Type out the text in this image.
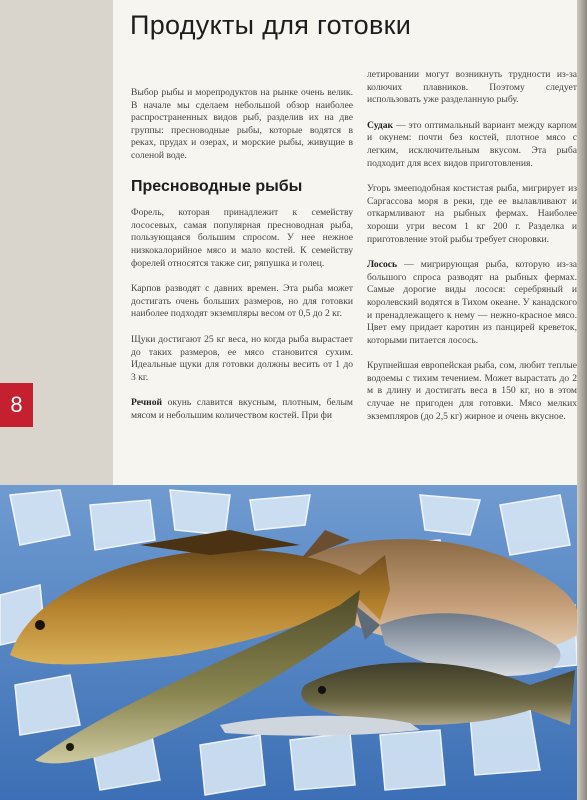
8
Продукты для готовки

Выбор рыбы и морепродуктов на рынке очень велик. В начале мы сделаем небольшой обзор наиболее распространенных видов рыб, разделив их на две группы: пресноводные рыбы, которые водятся в реках, прудах и озерах, и морские рыбы, живущие в соленой воде.

Пресноводные рыбы

Форель, которая принадлежит к семейству лососевых, самая популярная пресноводная рыба, пользующаяся большим спросом. У нее нежное низкокалорийное мясо и мало костей. К семейству форелей относятся также сиг, ряпушка и голец.

Карпов разводят с давних времен. Эта рыба может достигать очень больших размеров, но для готовки наиболее подходят экземпляры весом от 0,5 до 2 кг.

Щуки достигают 25 кг веса, но когда рыба вырастает до таких размеров, ее мясо становится сухим. Идеальные щуки для готовки должны весить от 1 до 3 кг.

Речной окунь славится вкусным, плотным, белым мясом и небольшим количеством костей. При фи

летировании могут возникнуть трудности из-за колючих плавников. Поэтому следует использовать уже разделанную рыбу.

Судак — это оптимальный вариант между карпом и окунем: почти без костей, плотное мясо с легким, исключительным вкусом. Эта рыба подходит для всех видов приготовления.

Угорь змееподобная костистая рыба, мигрирует из Саргассова моря в реки, где ее вылавливают и откармливают на рыбных фермах. Наиболее хороши угри весом 1 кг 200 г. Разделка и приготовление этой рыбы требует сноровки.

Лосось — мигрирующая рыба, которую из-за большого спроса разводят на рыбных фермах. Самые дорогие виды лосося: серебряный и королевский водятся в Тихом океане. У канадского и пренадлежащего к нему — нежно-красное мясо. Цвет ему придает каротин из панцирей креветок, которыми питается лосось.

Крупнейшая европейская рыба, сом, любит теплые водоемы с тихим течением. Может вырастать до 2 м в длину и достигать веса в 150 кг, но в этом случае не пригоден для готовки. Мясо мелких экземпляров (до 2,5 кг) жирное и очень вкусное.
